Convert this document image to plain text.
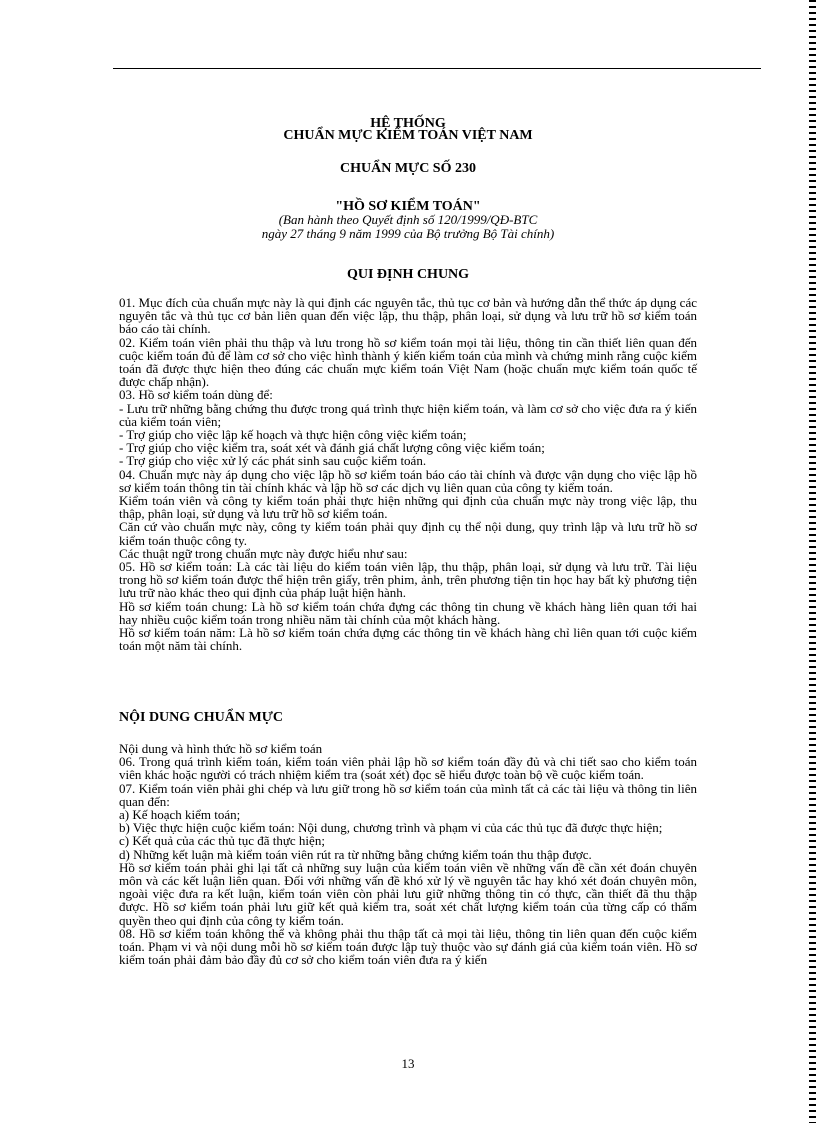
HỆ THỐNG
CHUẨN MỰC KIỂM TOÁN VIỆT NAM
CHUẨN MỰC SỐ 230
"HỒ SƠ KIỂM TOÁN"
(Ban hành theo Quyết định số 120/1999/QĐ-BTC
ngày 27 tháng 9 năm 1999 của Bộ trưởng Bộ Tài chính)
QUI ĐỊNH CHUNG

01. Mục đích của chuẩn mực này là qui định các nguyên tắc, thủ tục cơ bản và hướng dẫn thể thức áp dụng các nguyên tắc và thủ tục cơ bản liên quan đến việc lập, thu thập, phân loại, sử dụng và lưu trữ hồ sơ kiểm toán báo cáo tài chính.

02. Kiểm toán viên phải thu thập và lưu trong hồ sơ kiểm toán mọi tài liệu, thông tin cần thiết liên quan đến cuộc kiểm toán đủ để làm cơ sở cho việc hình thành ý kiến kiểm toán của mình và chứng minh rằng cuộc kiểm toán đã được thực hiện theo đúng các chuẩn mực kiểm toán Việt Nam (hoặc chuẩn mực kiểm toán quốc tế được chấp nhận).

03. Hồ sơ kiểm toán dùng để:

- Lưu trữ những bằng chứng thu được trong quá trình thực hiện kiểm toán, và làm cơ sở cho việc đưa ra ý kiến của kiểm toán viên;

- Trợ giúp cho việc lập kế hoạch và thực hiện công việc kiểm toán;

- Trợ giúp cho việc kiểm tra, soát xét và đánh giá chất lượng công việc kiểm toán;

- Trợ giúp cho việc xử lý các phát sinh sau cuộc kiểm toán.

04. Chuẩn mực này áp dụng cho việc lập hồ sơ kiểm toán báo cáo tài chính và được vận dụng cho việc lập hồ sơ kiểm toán thông tin tài chính khác và lập hồ sơ các dịch vụ liên quan của công ty kiểm toán.

Kiểm toán viên và công ty kiểm toán phải thực hiện những qui định của chuẩn mực này trong việc lập, thu thập, phân loại, sử dụng và lưu trữ hồ sơ kiểm toán.

Căn cứ vào chuẩn mực này, công ty kiểm toán phải quy định cụ thể nội dung, quy trình lập và lưu trữ hồ sơ kiểm toán thuộc công ty.

Các thuật ngữ trong chuẩn mực này được hiểu như sau:

05. Hồ sơ kiểm toán: Là các tài liệu do kiểm toán viên lập, thu thập, phân loại, sử dụng và lưu trữ. Tài liệu trong hồ sơ kiểm toán được thể hiện trên giấy, trên phim, ảnh, trên phương tiện tin học hay bất kỳ phương tiện lưu trữ nào khác theo qui định của pháp luật hiện hành.

Hồ sơ kiểm toán chung: Là hồ sơ kiểm toán chứa đựng các thông tin chung về khách hàng liên quan tới hai hay nhiều cuộc kiểm toán trong nhiều năm tài chính của một khách hàng.

Hồ sơ kiểm toán năm: Là hồ sơ kiểm toán chứa đựng các thông tin về khách hàng chỉ liên quan tới cuộc kiểm toán một năm tài chính.

NỘI DUNG CHUẨN MỰC

Nội dung và hình thức hồ sơ kiểm toán

06. Trong quá trình kiểm toán, kiểm toán viên phải lập hồ sơ kiểm toán đầy đủ và chi tiết sao cho kiểm toán viên khác hoặc người có trách nhiệm kiểm tra (soát xét) đọc sẽ hiểu được toàn bộ về cuộc kiểm toán.

07. Kiểm toán viên phải ghi chép và lưu giữ trong hồ sơ kiểm toán của mình tất cả các tài liệu và thông tin liên quan đến:

a) Kế hoạch kiểm toán;

b) Việc thực hiện cuộc kiểm toán: Nội dung, chương trình và phạm vi của các thủ tục đã được thực hiện;

c) Kết quả của các thủ tục đã thực hiện;

d) Những kết luận mà kiểm toán viên rút ra từ những bằng chứng kiểm toán thu thập được.

Hồ sơ kiểm toán phải ghi lại tất cả những suy luận của kiểm toán viên về những vấn đề cần xét đoán chuyên môn và các kết luận liên quan. Đối với những vấn đề khó xử lý về nguyên tắc hay khó xét đoán chuyên môn, ngoài việc đưa ra kết luận, kiểm toán viên còn phải lưu giữ những thông tin có thực, cần thiết đã thu thập được. Hồ sơ kiểm toán phải lưu giữ kết quả kiểm tra, soát xét chất lượng kiểm toán của từng cấp có thẩm quyền theo qui định của công ty kiểm toán.

08. Hồ sơ kiểm toán không thể và không phải thu thập tất cả mọi tài liệu, thông tin liên quan đến cuộc kiểm toán. Phạm vi và nội dung mỗi hồ sơ kiểm toán được lập tuỳ thuộc vào sự đánh giá của kiểm toán viên. Hồ sơ kiểm toán phải đảm bảo đầy đủ cơ sở cho kiểm toán viên đưa ra ý kiến

13
